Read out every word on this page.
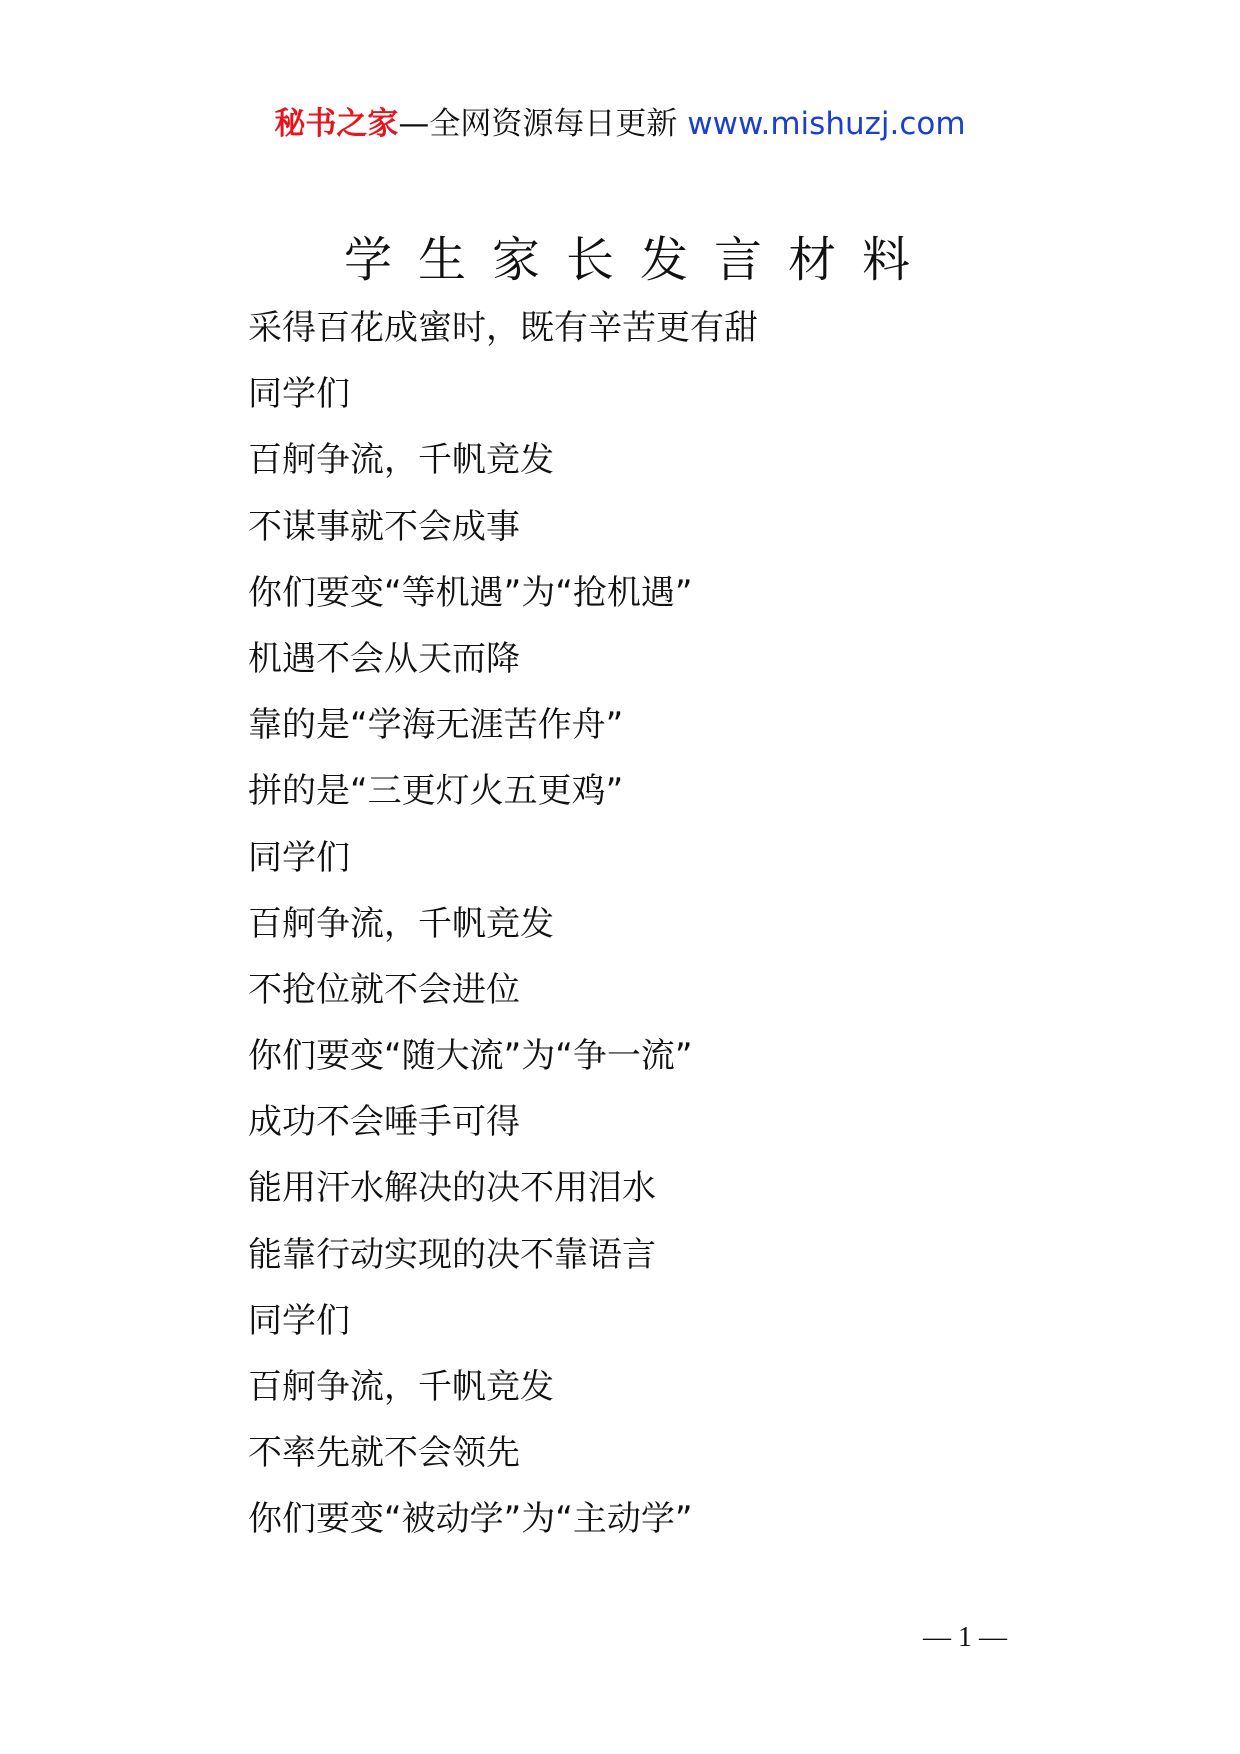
秘书之家—全网资源每日更新 www.mishuzj.com
学生家长发言材料
采得百花成蜜时，既有辛苦更有甜
同学们
百舸争流，千帆竞发
不谋事就不会成事
你们要变“等机遇”为“抢机遇”
机遇不会从天而降
靠的是“学海无涯苦作舟”
拼的是“三更灯火五更鸡”
同学们
百舸争流，千帆竞发
不抢位就不会进位
你们要变“随大流”为“争一流”
成功不会唾手可得
能用汗水解决的决不用泪水
能靠行动实现的决不靠语言
同学们
百舸争流，千帆竞发
不率先就不会领先
你们要变“被动学”为“主动学”
— 1 —
